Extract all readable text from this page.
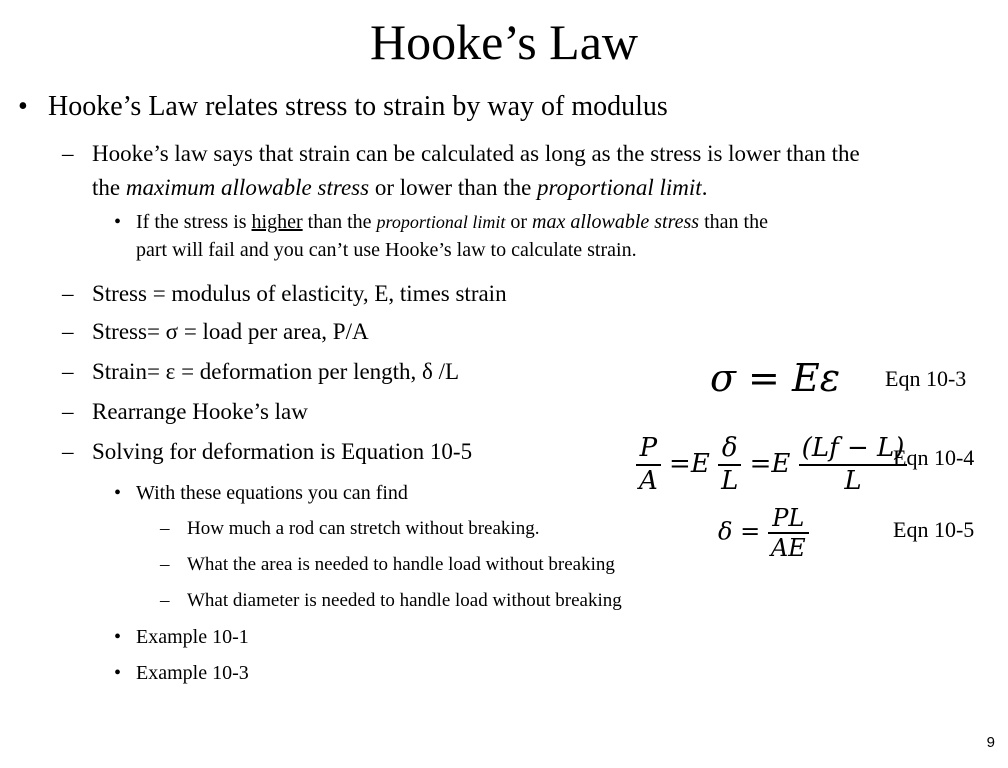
Hooke’s Law
• Hooke’s Law relates stress to strain by way of modulus
– Hooke’s law says that strain can be calculated as long as the stress is lower than the
the maximum allowable stress or lower than the proportional limit.
• If the stress is higher than the proportional limit or max allowable stress than the
part will fail and you can’t use Hooke’s law to calculate strain.
– Stress = modulus of elasticity, E, times strain
– Stress= σ = load per area, P/A
– Strain= ε = deformation per length, δ /L
– Rearrange Hooke’s law
– Solving for deformation is Equation 10-5
• With these equations you can find
– How much a rod can stretch without breaking.
– What the area is needed to handle load without breaking
– What diameter is needed to handle load without breaking
• Example 10-1
• Example 10-3
σ = Eε Eqn 10-3
$\frac{P}{A} =E \frac{\delta}{L} =E \frac{(Lf - L)}{L}$
Eqn 10-4
$\delta = \frac{PL}{AE}$	Eqn 10-5
9
